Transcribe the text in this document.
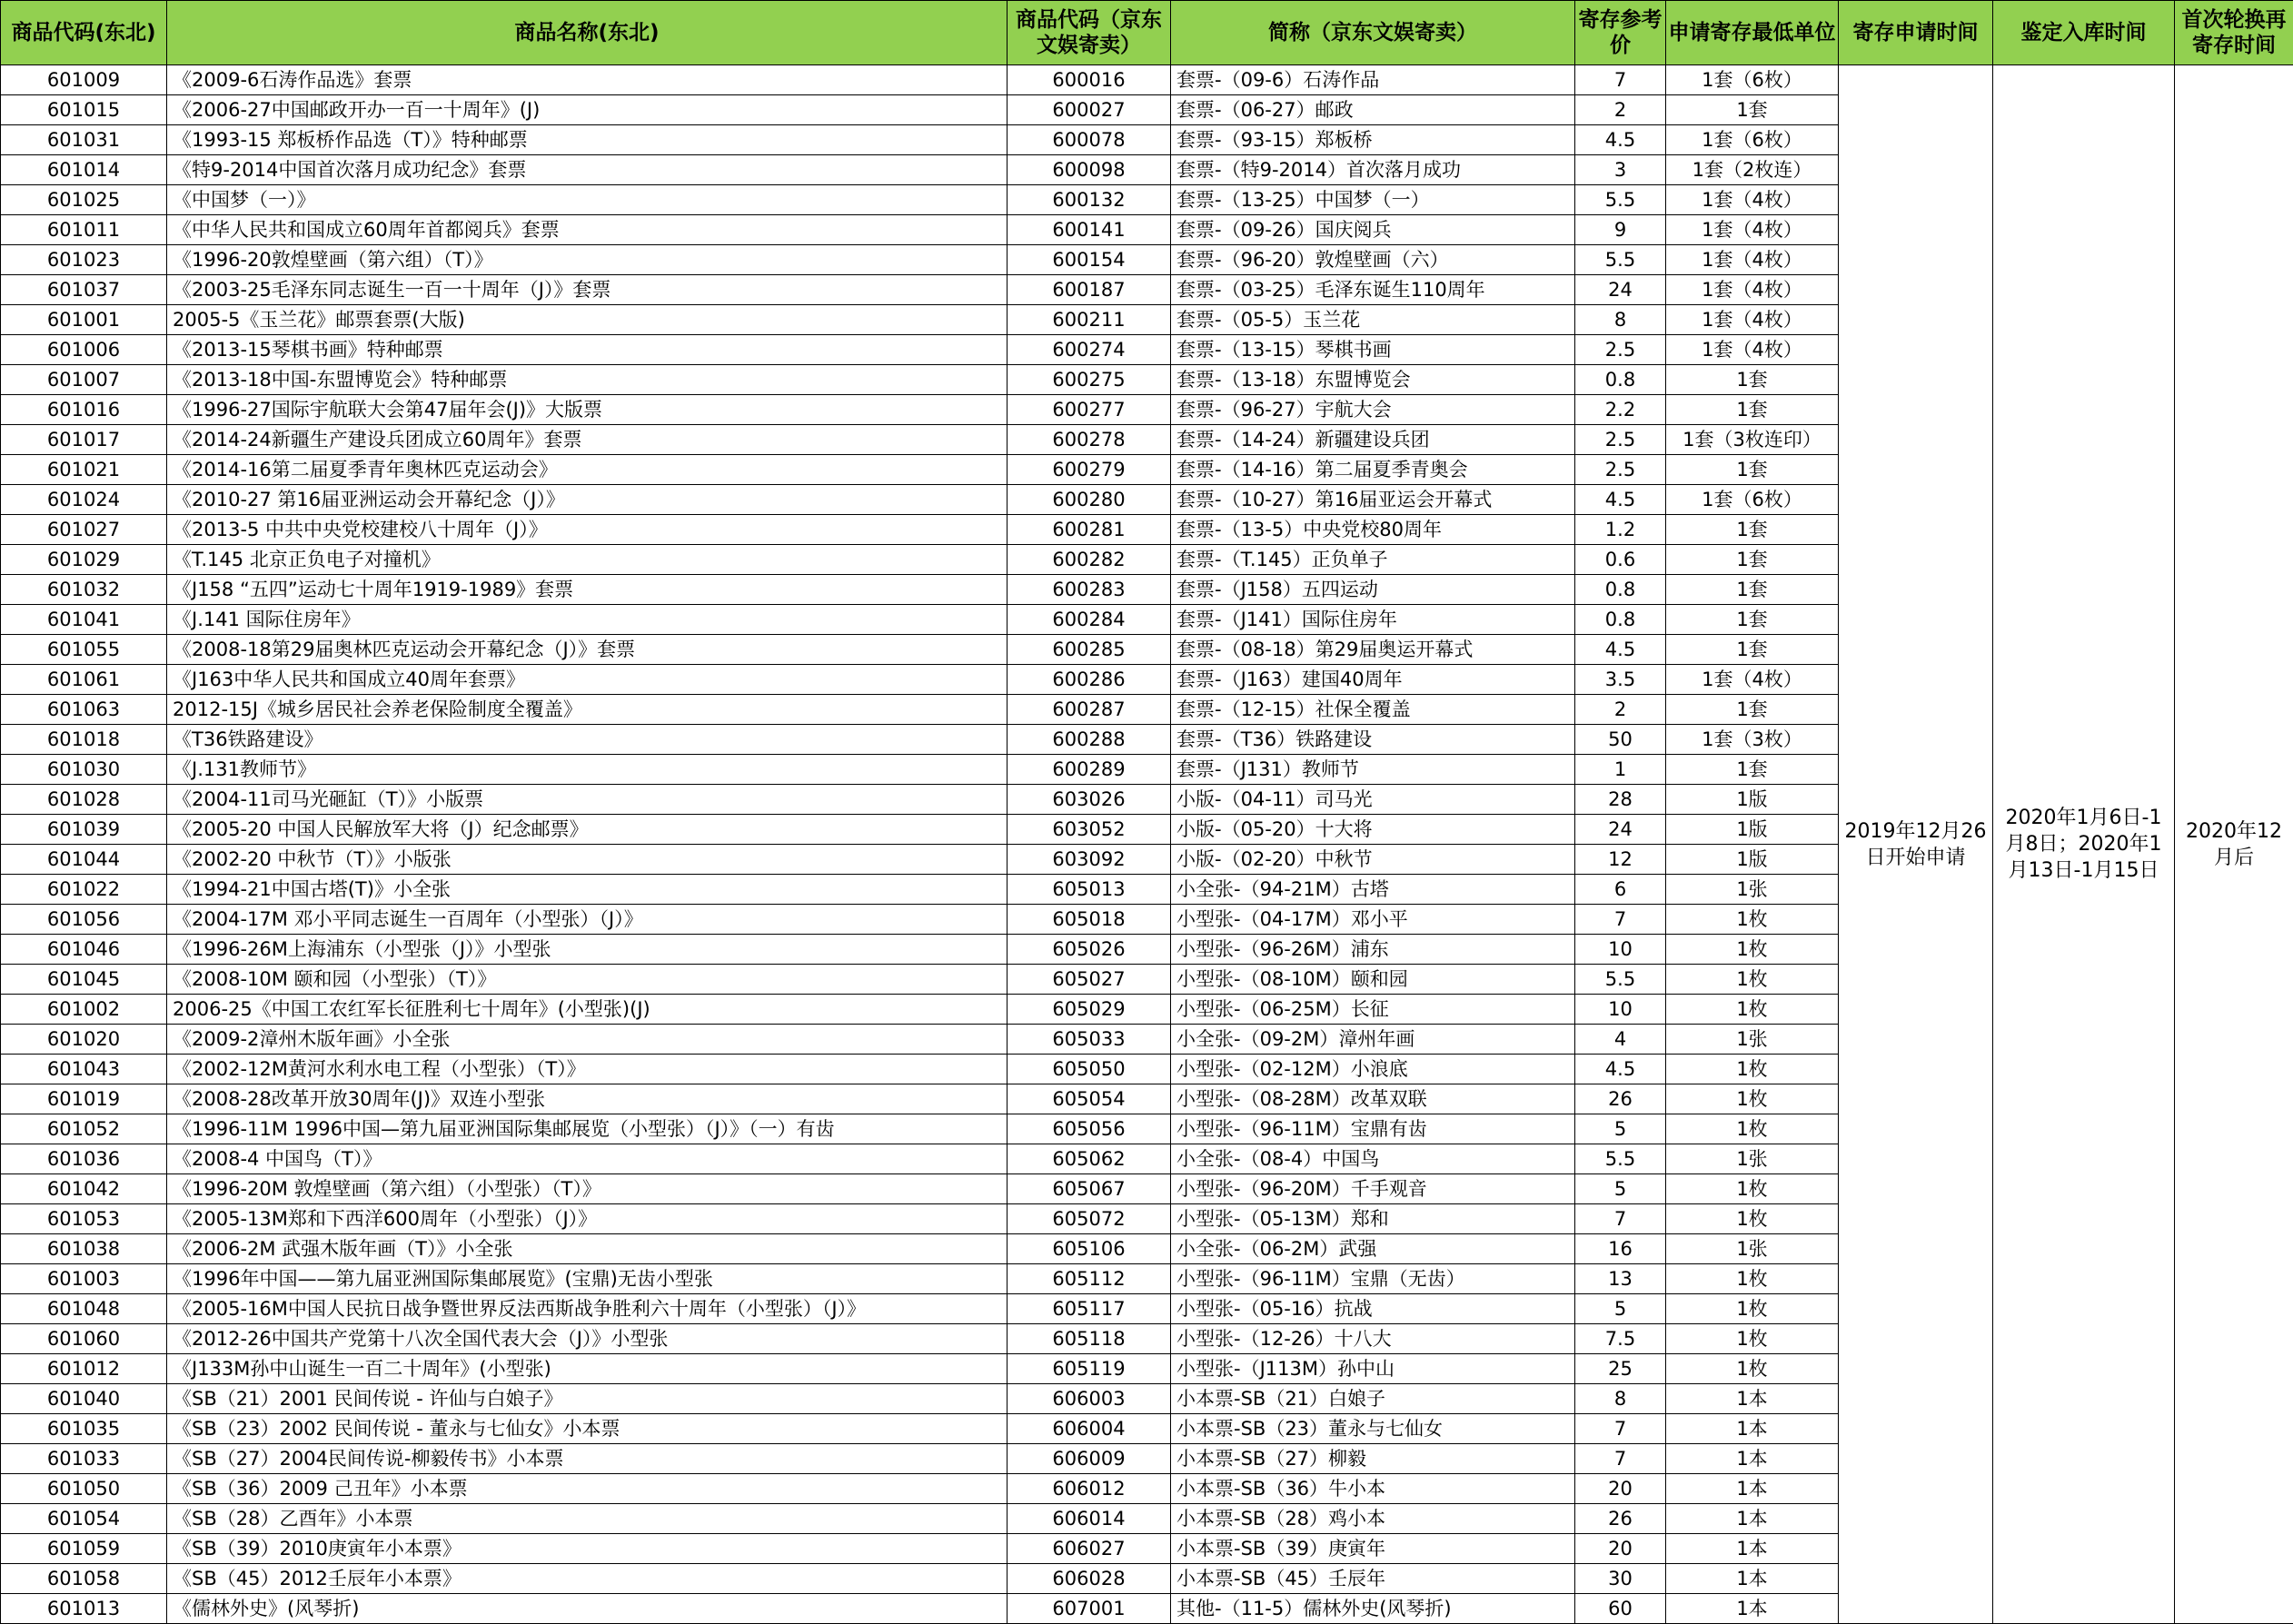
商品代码(东北)	商品名称(东北)	商品代码（京东文娱寄卖）	简称（京东文娱寄卖）	寄存参考价	申请寄存最低单位	寄存申请时间	鉴定入库时间	首次轮换再寄存时间
601009	《2009-6石涛作品选》套票	600016	套票-（09-6）石涛作品	7	1套（6枚）	2019年12月26日开始申请	2020年1月6日-1月8日；2020年1月13日-1月15日	2020年12月后
601015	《2006-27中国邮政开办一百一十周年》(J)	600027	套票-（06-27）邮政	2	1套			
601031	《1993-15 郑板桥作品选（T）》特种邮票	600078	套票-（93-15）郑板桥	4.5	1套（6枚）			
601014	《特9-2014中国首次落月成功纪念》套票	600098	套票-（特9-2014）首次落月成功	3	1套（2枚连）			
601025	《中国梦（一）》	600132	套票-（13-25）中国梦（一）	5.5	1套（4枚）			
601011	《中华人民共和国成立60周年首都阅兵》套票	600141	套票-（09-26）国庆阅兵	9	1套（4枚）			
601023	《1996-20敦煌壁画（第六组）（T）》	600154	套票-（96-20）敦煌壁画（六）	5.5	1套（4枚）			
601037	《2003-25毛泽东同志诞生一百一十周年（J）》套票	600187	套票-（03-25）毛泽东诞生110周年	24	1套（4枚）			
601001	2005-5《玉兰花》邮票套票(大版)	600211	套票-（05-5）玉兰花	8	1套（4枚）			
601006	《2013-15琴棋书画》特种邮票	600274	套票-（13-15）琴棋书画	2.5	1套（4枚）			
601007	《2013-18中国-东盟博览会》特种邮票	600275	套票-（13-18）东盟博览会	0.8	1套			
601016	《1996-27国际宇航联大会第47届年会(J)》大版票	600277	套票-（96-27）宇航大会	2.2	1套			
601017	《2014-24新疆生产建设兵团成立60周年》套票	600278	套票-（14-24）新疆建设兵团	2.5	1套（3枚连印）			
601021	《2014-16第二届夏季青年奥林匹克运动会》	600279	套票-（14-16）第二届夏季青奥会	2.5	1套			
601024	《2010-27 第16届亚洲运动会开幕纪念（J）》	600280	套票-（10-27）第16届亚运会开幕式	4.5	1套（6枚）			
601027	《2013-5 中共中央党校建校八十周年（J）》	600281	套票-（13-5）中央党校80周年	1.2	1套			
601029	《T.145 北京正负电子对撞机》	600282	套票-（T.145）正负单子	0.6	1套			
601032	《J158 “五四”运动七十周年1919-1989》套票	600283	套票-（J158）五四运动	0.8	1套			
601041	《J.141 国际住房年》	600284	套票-（J141）国际住房年	0.8	1套			
601055	《2008-18第29届奥林匹克运动会开幕纪念（J）》套票	600285	套票-（08-18）第29届奥运开幕式	4.5	1套			
601061	《J163中华人民共和国成立40周年套票》	600286	套票-（J163）建国40周年	3.5	1套（4枚）			
601063	2012-15J《城乡居民社会养老保险制度全覆盖》	600287	套票-（12-15）社保全覆盖	2	1套			
601018	《T36铁路建设》	600288	套票-（T36）铁路建设	50	1套（3枚）			
601030	《J.131教师节》	600289	套票-（J131）教师节	1	1套			
601028	《2004-11司马光砸缸（T）》小版票	603026	小版-（04-11）司马光	28	1版			
601039	《2005-20 中国人民解放军大将（J）纪念邮票》	603052	小版-（05-20）十大将	24	1版			
601044	《2002-20 中秋节（T）》小版张	603092	小版-（02-20）中秋节	12	1版			
601022	《1994-21中国古塔(T)》小全张	605013	小全张-（94-21M）古塔	6	1张			
601056	《2004-17M 邓小平同志诞生一百周年（小型张）（J）》	605018	小型张-（04-17M）邓小平	7	1枚			
601046	《1996-26M上海浦东（小型张（J）》小型张	605026	小型张-（96-26M）浦东	10	1枚			
601045	《2008-10M 颐和园（小型张）（T）》	605027	小型张-（08-10M）颐和园	5.5	1枚			
601002	2006-25《中国工农红军长征胜利七十周年》(小型张)(J)	605029	小型张-（06-25M）长征	10	1枚			
601020	《2009-2漳州木版年画》小全张	605033	小全张-（09-2M）漳州年画	4	1张			
601043	《2002-12M黄河水利水电工程（小型张）（T）》	605050	小型张-（02-12M）小浪底	4.5	1枚			
601019	《2008-28改革开放30周年(J)》双连小型张	605054	小型张-（08-28M）改革双联	26	1枚			
601052	《1996-11M 1996中国—第九届亚洲国际集邮展览（小型张）（J）》（一）有齿	605056	小型张-（96-11M）宝鼎有齿	5	1枚			
601036	《2008-4 中国鸟（T）》	605062	小全张-（08-4）中国鸟	5.5	1张			
601042	《1996-20M 敦煌壁画（第六组）（小型张）（T）》	605067	小型张-（96-20M）千手观音	5	1枚			
601053	《2005-13M郑和下西洋600周年（小型张）（J）》	605072	小型张-（05-13M）郑和	7	1枚			
601038	《2006-2M 武强木版年画（T）》小全张	605106	小全张-（06-2M）武强	16	1张			
601003	《1996年中国——第九届亚洲国际集邮展览》(宝鼎)无齿小型张	605112	小型张-（96-11M）宝鼎（无齿）	13	1枚			
601048	《2005-16M中国人民抗日战争暨世界反法西斯战争胜利六十周年（小型张）（J）》	605117	小型张-（05-16）抗战	5	1枚			
601060	《2012-26中国共产党第十八次全国代表大会（J）》小型张	605118	小型张-（12-26）十八大	7.5	1枚			
601012	《J133M孙中山诞生一百二十周年》(小型张)	605119	小型张-（J113M）孙中山	25	1枚			
601040	《SB（21）2001 民间传说 - 许仙与白娘子》	606003	小本票-SB（21）白娘子	8	1本			
601035	《SB（23）2002 民间传说 - 董永与七仙女》小本票	606004	小本票-SB（23）董永与七仙女	7	1本			
601033	《SB（27）2004民间传说-柳毅传书》小本票	606009	小本票-SB（27）柳毅	7	1本			
601050	《SB（36）2009 己丑年》小本票	606012	小本票-SB（36）牛小本	20	1本			
601054	《SB（28）乙酉年》小本票	606014	小本票-SB（28）鸡小本	26	1本			
601059	《SB（39）2010庚寅年小本票》	606027	小本票-SB（39）庚寅年	20	1本			
601058	《SB（45）2012壬辰年小本票》	606028	小本票-SB（45）壬辰年	30	1本			
601013	《儒林外史》(风琴折)	607001	其他-（11-5）儒林外史(风琴折)	60	1本			
